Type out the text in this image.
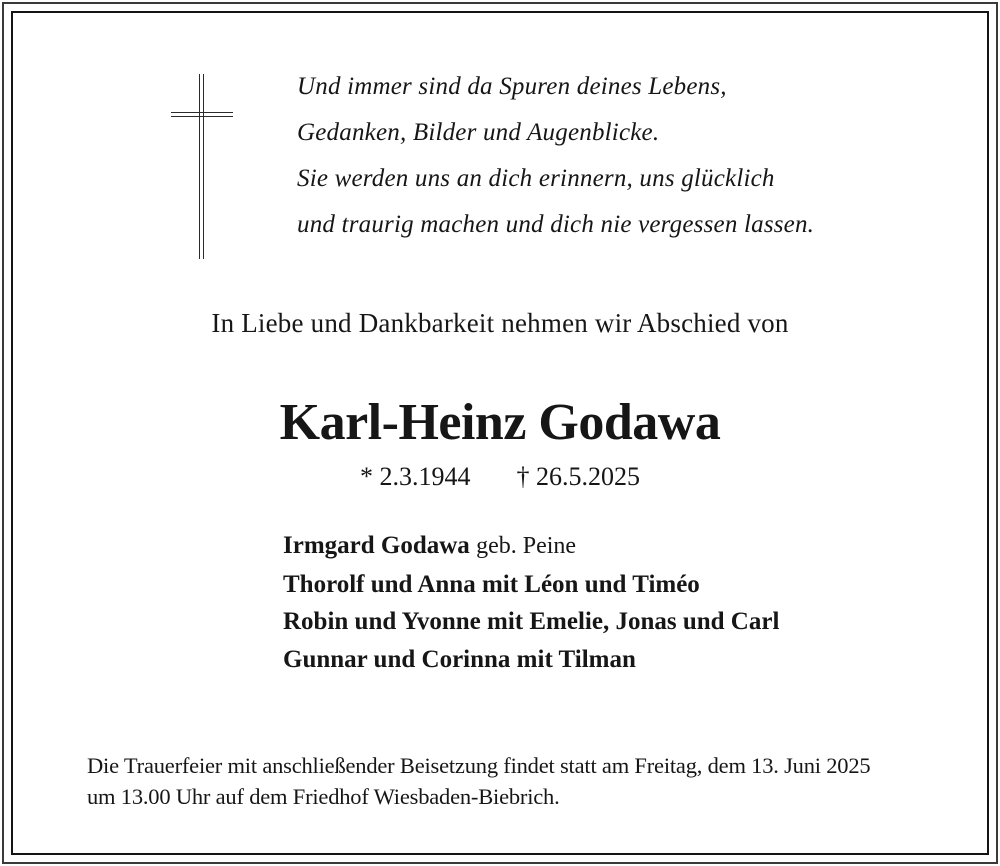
Und immer sind da Spuren deines Lebens,
Gedanken, Bilder und Augenblicke.
Sie werden uns an dich erinnern, uns glücklich
und traurig machen und dich nie vergessen lassen.
In Liebe und Dankbarkeit nehmen wir Abschied von
Karl-Heinz Godawa
* 2.3.1944 † 26.5.2025
Irmgard Godawa geb. Peine
Thorolf und Anna mit Léon und Timéo
Robin und Yvonne mit Emelie, Jonas und Carl
Gunnar und Corinna mit Tilman
Die Trauerfeier mit anschließender Beisetzung findet statt am Freitag, dem 13. Juni 2025
um 13.00 Uhr auf dem Friedhof Wiesbaden-Biebrich.
